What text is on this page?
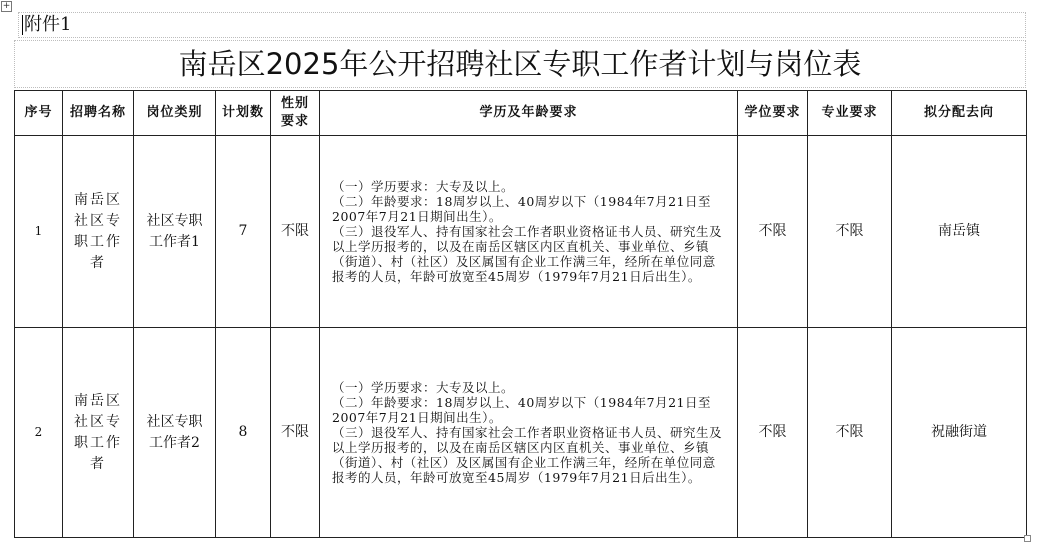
+
附件1
南岳区2025年公开招聘社区专职工作者计划与岗位表
序号	招聘名称	岗位类别	计划数	性别要求	学历及年龄要求	学位要求	专业要求	拟分配去向
1	南岳区社区专职工作者	社区专职工作者1	7	不限	（一）学历要求：大专及以上。
（二）年龄要求：18周岁以上、40周岁以下（1984年7月21日至2007年7月21日期间出生）。
（三）退役军人、持有国家社会工作者职业资格证书人员、研究生及以上学历报考的，以及在南岳区辖区内区直机关、事业单位、乡镇（街道）、村（社区）及区属国有企业工作满三年，经所在单位同意报考的人员，年龄可放宽至45周岁（1979年7月21日后出生）。	不限	不限	南岳镇
2	南岳区社区专职工作者	社区专职工作者2	8	不限	（一）学历要求：大专及以上。
（二）年龄要求：18周岁以上、40周岁以下（1984年7月21日至2007年7月21日期间出生）。
（三）退役军人、持有国家社会工作者职业资格证书人员、研究生及以上学历报考的，以及在南岳区辖区内区直机关、事业单位、乡镇（街道）、村（社区）及区属国有企业工作满三年，经所在单位同意报考的人员，年龄可放宽至45周岁（1979年7月21日后出生）。	不限	不限	祝融街道
